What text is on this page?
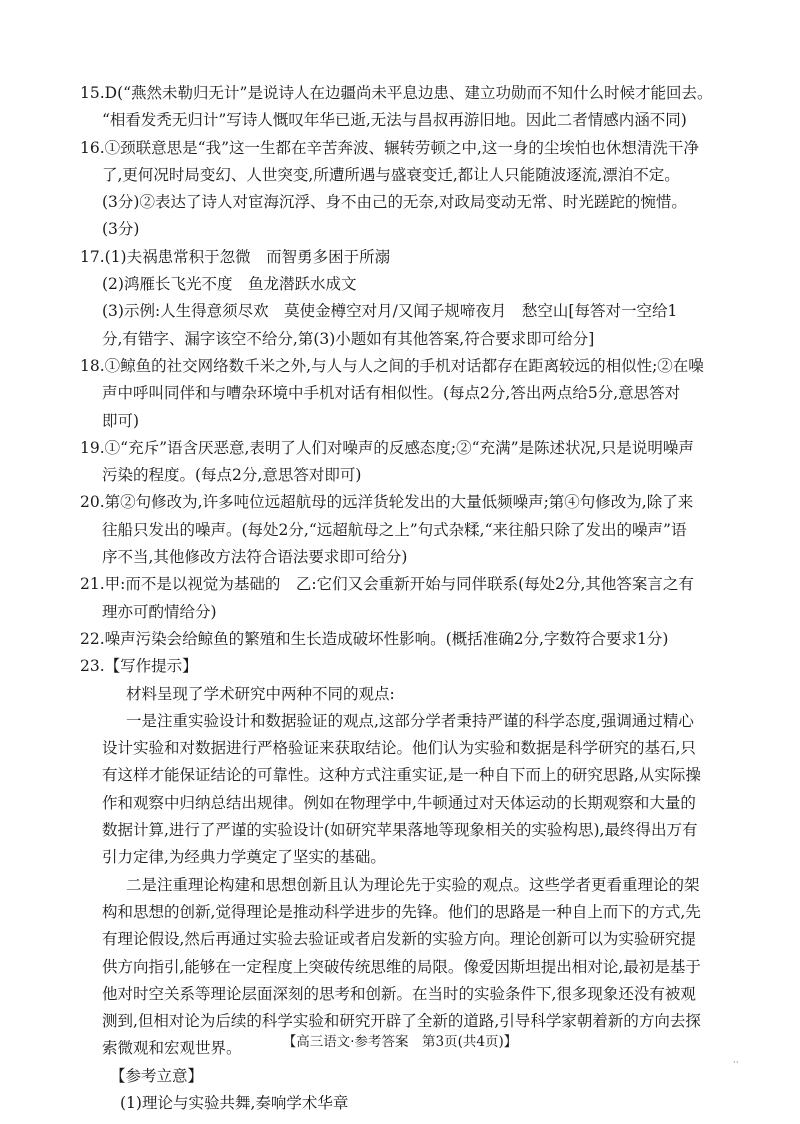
15.D(“燕然未勒归无计”是说诗人在边疆尚未平息边患、建立功勋而不知什么时候才能回去。
“相看发秃无归计”写诗人慨叹年华已逝,无法与昌叔再游旧地。因此二者情感内涵不同)
16.①颈联意思是“我”这一生都在辛苦奔波、辗转劳顿之中,这一身的尘埃怕也休想清洗干净
了,更何况时局变幻、人世突变,所遭所遇与盛衰变迁,都让人只能随波逐流,漂泊不定。
(3分)②表达了诗人对宦海沉浮、身不由己的无奈,对政局变动无常、时光蹉跎的惋惜。
(3分)
17.(1)夫祸患常积于忽微　而智勇多困于所溺
(2)鸿雁长飞光不度　鱼龙潜跃水成文
(3)示例:人生得意须尽欢　莫使金樽空对月/又闻子规啼夜月　愁空山[每答对一空给1
分,有错字、漏字该空不给分,第(3)小题如有其他答案,符合要求即可给分]
18.①鲸鱼的社交网络数千米之外,与人与人之间的手机对话都存在距离较远的相似性;②在噪
声中呼叫同伴和与嘈杂环境中手机对话有相似性。(每点2分,答出两点给5分,意思答对
即可)
19.①“充斥”语含厌恶意,表明了人们对噪声的反感态度;②“充满”是陈述状况,只是说明噪声
污染的程度。(每点2分,意思答对即可)
20.第②句修改为,许多吨位远超航母的远洋货轮发出的大量低频噪声;第④句修改为,除了来
往船只发出的噪声。(每处2分,“远超航母之上”句式杂糅,“来往船只除了发出的噪声”语
序不当,其他修改方法符合语法要求即可给分)
21.甲:而不是以视觉为基础的　乙:它们又会重新开始与同伴联系(每处2分,其他答案言之有
理亦可酌情给分)
22.噪声污染会给鲸鱼的繁殖和生长造成破坏性影响。(概括准确2分,字数符合要求1分)
23.【写作提示】
材料呈现了学术研究中两种不同的观点:
一是注重实验设计和数据验证的观点,这部分学者秉持严谨的科学态度,强调通过精心
设计实验和对数据进行严格验证来获取结论。他们认为实验和数据是科学研究的基石,只
有这样才能保证结论的可靠性。这种方式注重实证,是一种自下而上的研究思路,从实际操
作和观察中归纳总结出规律。例如在物理学中,牛顿通过对天体运动的长期观察和大量的
数据计算,进行了严谨的实验设计(如研究苹果落地等现象相关的实验构思),最终得出万有
引力定律,为经典力学奠定了坚实的基础。
二是注重理论构建和思想创新且认为理论先于实验的观点。这些学者更看重理论的架
构和思想的创新,觉得理论是推动科学进步的先锋。他们的思路是一种自上而下的方式,先
有理论假设,然后再通过实验去验证或者启发新的实验方向。理论创新可以为实验研究提
供方向指引,能够在一定程度上突破传统思维的局限。像爱因斯坦提出相对论,最初是基于
他对时空关系等理论层面深刻的思考和创新。在当时的实验条件下,很多现象还没有被观
测到,但相对论为后续的科学实验和研究开辟了全新的道路,引导科学家朝着新的方向去探
索微观和宏观世界。
【参考立意】
(1)理论与实验共舞,奏响学术华章
【高三语文·参考答案　第3页(共4页)】
··
